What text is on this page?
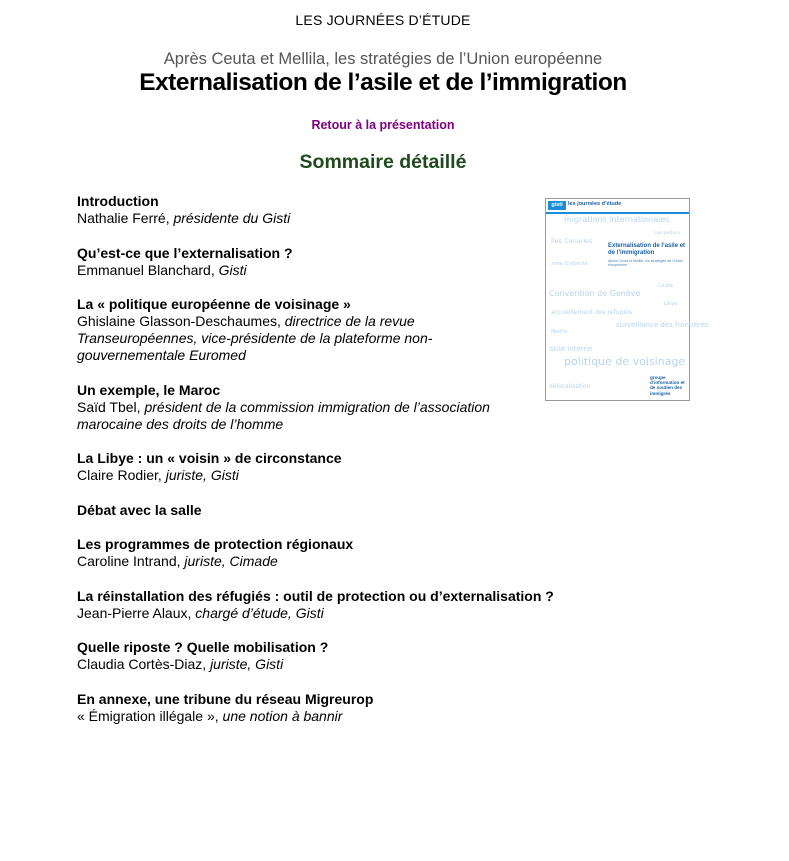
LES JOURNÉES D’ÉTUDE
Après Ceuta et Mellila, les stratégies de l’Union européenne
Externalisation de l’asile et de l’immigration
Retour à la présentation
Sommaire détaillé
Introduction
Nathalie Ferré, présidente du Gisti
Qu’est-ce que l’externalisation ?
Emmanuel Blanchard, Gisti
La « politique européenne de voisinage »
Ghislaine Glasson-Deschaumes, directrice de la revue Transeuropéennes, vice-présidente de la plateforme non-gouvernementale Euromed
Un exemple, le Maroc
Saïd Tbel, président de la commission immigration de l’association marocaine des droits de l’homme
La Libye : un « voisin » de circonstance
Claire Rodier, juriste, Gisti
Débat avec la salle
Les programmes de protection régionaux
Caroline Intrand, juriste, Cimade
La réinstallation des réfugiés : outil de protection ou d’externalisation ?
Jean-Pierre Alaux, chargé d’étude, Gisti
Quelle riposte ? Quelle mobilisation ?
Claudia Cortès-Diaz, juriste, Gisti
En annexe, une tribune du réseau Migreurop
« Émigration illégale », une notion à bannir
gisti les journées d’étude
migrations internationales
îles Canaries
Lampedusa
zone d’attente
Convention de Genève
accueillement des réfugiés
surveillance des frontières
asile interne
politique de voisinage
délocalisation
Libye
Ceuta
Mellila
Externalisation de l’asile et de l’immigration
Après Ceuta et Mellila, les stratégies de l’Union européenne
groupe d’information et de soutien des immigrés
